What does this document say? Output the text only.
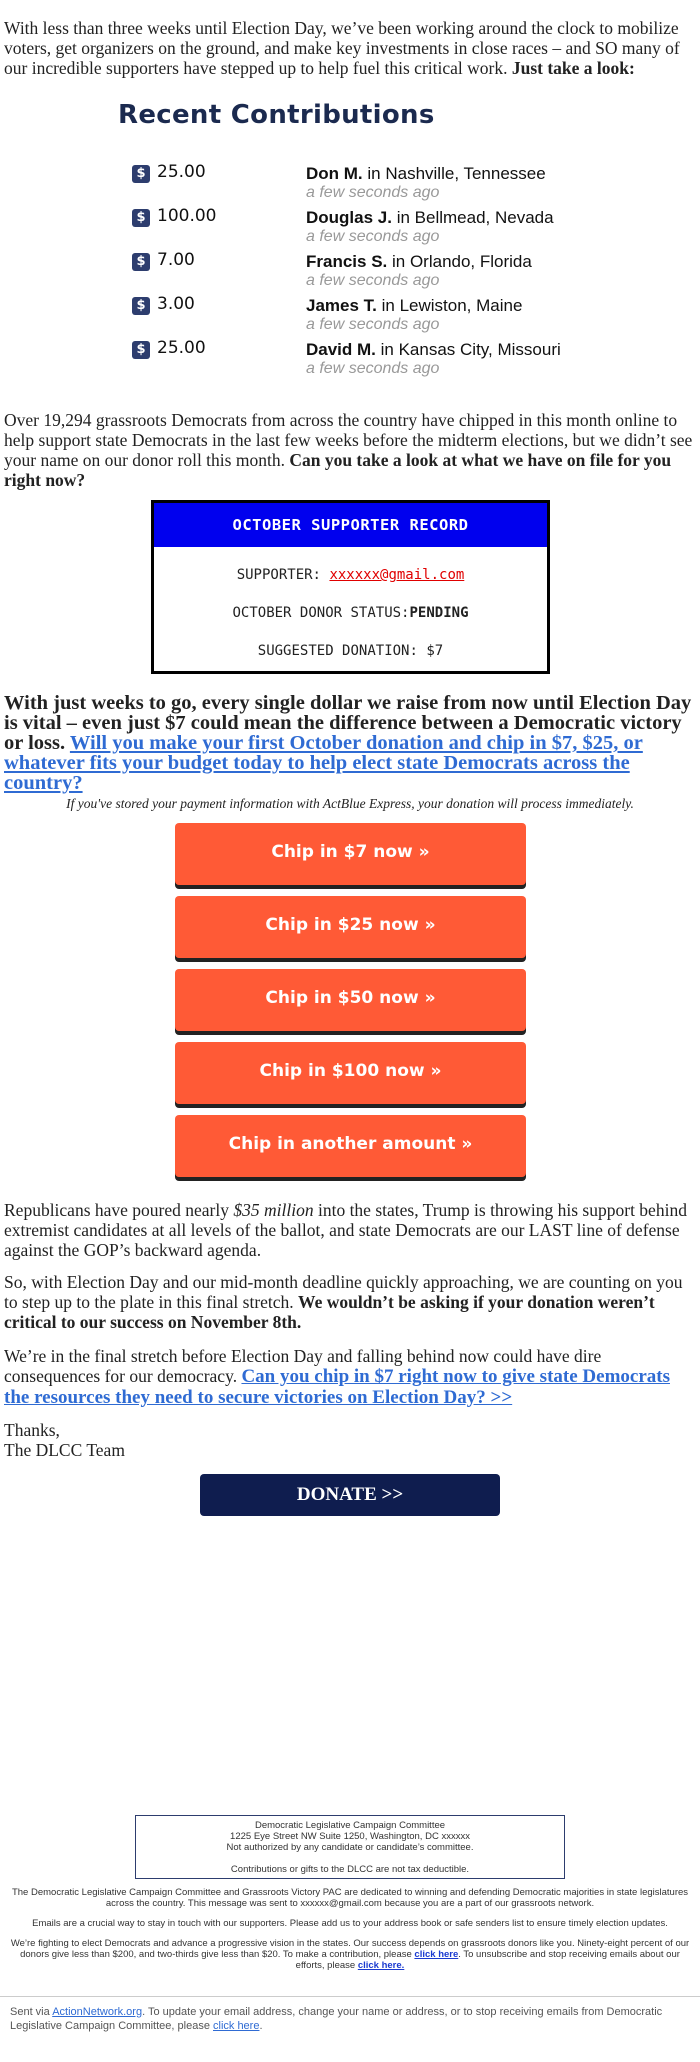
With less than three weeks until Election Day, we’ve been working around the clock to mobilize voters, get organizers on the ground, and make key investments in close races – and SO many of our incredible supporters have stepped up to help fuel this critical work. Just take a look:

Recent Contributions
$ 25.00	Don M. in Nashville, Tennessee
a few seconds ago
$ 100.00	Douglas J. in Bellmead, Nevada
a few seconds ago
$ 7.00	Francis S. in Orlando, Florida
a few seconds ago
$ 3.00	James T. in Lewiston, Maine
a few seconds ago
$ 25.00	David M. in Kansas City, Missouri
a few seconds ago

Over 19,294 grassroots Democrats from across the country have chipped in this month online to help support state Democrats in the last few weeks before the midterm elections, but we didn’t see your name on our donor roll this month. Can you take a look at what we have on file for you right now?

OCTOBER SUPPORTER RECORD
SUPPORTER: xxxxxx@gmail.com
OCTOBER DONOR STATUS:PENDING
SUGGESTED DONATION: $7

With just weeks to go, every single dollar we raise from now until Election Day is vital – even just $7 could mean the difference between a Democratic victory or loss. Will you make your first October donation and chip in $7, $25, or whatever fits your budget today to help elect state Democrats across the country?

If you've stored your payment information with ActBlue Express, your donation will process immediately.
Chip in $7 now »
Chip in $25 now »
Chip in $50 now »
Chip in $100 now »
Chip in another amount »

Republicans have poured nearly $35 million into the states, Trump is throwing his support behind extremist candidates at all levels of the ballot, and state Democrats are our LAST line of defense against the GOP’s backward agenda.

So, with Election Day and our mid-month deadline quickly approaching, we are counting on you to step up to the plate in this final stretch. We wouldn’t be asking if your donation weren’t critical to our success on November 8th.

We’re in the final stretch before Election Day and falling behind now could have dire consequences for our democracy. Can you chip in $7 right now to give state Democrats the resources they need to secure victories on Election Day? >>

Thanks,
The DLCC Team

DONATE >>
Democratic Legislative Campaign Committee
1225 Eye Street NW Suite 1250, Washington, DC xxxxxx
Not authorized by any candidate or candidate’s committee.
Contributions or gifts to the DLCC are not tax deductible.
The Democratic Legislative Campaign Committee and Grassroots Victory PAC are dedicated to winning and defending Democratic majorities in state legislatures across the country. This message was sent to xxxxxx@gmail.com because you are a part of our grassroots network.
Emails are a crucial way to stay in touch with our supporters. Please add us to your address book or safe senders list to ensure timely election updates.
We’re fighting to elect Democrats and advance a progressive vision in the states. Our success depends on grassroots donors like you. Ninety-eight percent of our donors give less than $200, and two-thirds give less than $20. To make a contribution, please click here. To unsubscribe and stop receiving emails about our efforts, please click here.
Sent via ActionNetwork.org. To update your email address, change your name or address, or to stop receiving emails from Democratic Legislative Campaign Committee, please click here.
